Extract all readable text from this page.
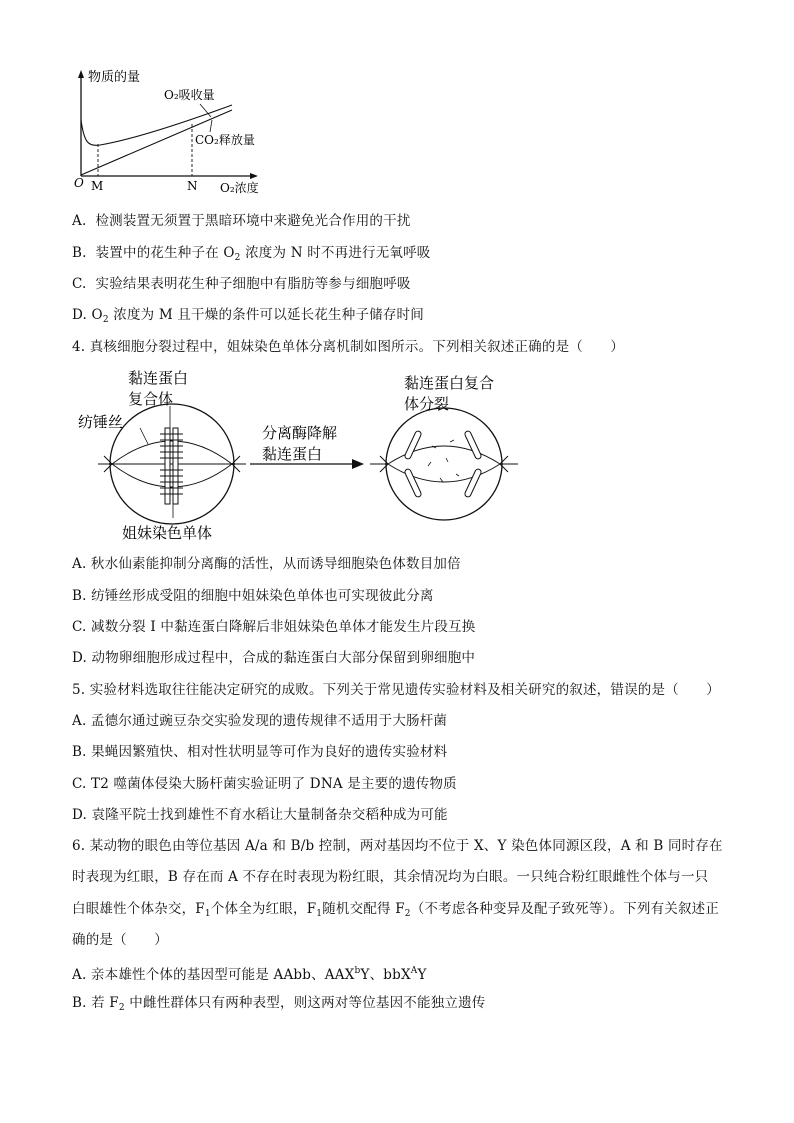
物质的量
O₂吸收量
CO₂释放量
O M	N O₂浓度
A. 检测装置无须置于黑暗环境中来避免光合作用的干扰
B. 装置中的花生种子在 $O_2$ 浓度为 N 时不再进行无氧呼吸
C. 实验结果表明花生种子细胞中有脂肪等参与细胞呼吸
D. $O_2$ 浓度为 M 且干燥的条件可以延长花生种子储存时间
4. 真核细胞分裂过程中，姐妹染色单体分离机制如图所示。下列相关叙述正确的是（　　）
黏连蛋白
复合体
纺锤丝
姐妹染色单体
分离酶降解
黏连蛋白
黏连蛋白复合
体分裂
A. 秋水仙素能抑制分离酶的活性，从而诱导细胞染色体数目加倍
B. 纺锤丝形成受阻的细胞中姐妹染色单体也可实现彼此分离
C. 减数分裂 I 中黏连蛋白降解后非姐妹染色单体才能发生片段互换
D. 动物卵细胞形成过程中，合成的黏连蛋白大部分保留到卵细胞中
5. 实验材料选取往往能决定研究的成败。下列关于常见遗传实验材料及相关研究的叙述，错误的是（　　）
A. 孟德尔通过豌豆杂交实验发现的遗传规律不适用于大肠杆菌
B. 果蝇因繁殖快、相对性状明显等可作为良好的遗传实验材料
C. T2 噬菌体侵染大肠杆菌实验证明了 DNA 是主要的遗传物质
D. 袁隆平院士找到雄性不育水稻让大量制备杂交稻种成为可能
6. 某动物的眼色由等位基因 A/a 和 B/b 控制，两对基因均不位于 X、Y 染色体同源区段，A 和 B 同时存在
时表现为红眼，B 存在而 A 不存在时表现为粉红眼，其余情况均为白眼。一只纯合粉红眼雌性个体与一只
白眼雄性个体杂交，$F_1$个体全为红眼，$F_1$随机交配得 $F_2$（不考虑各种变异及配子致死等）。下列有关叙述正
确的是（　　）
A. 亲本雄性个体的基因型可能是 AAbb、AAX$^b$Y、bbX$^A$Y
B. 若 $F_2$ 中雌性群体只有两种表型，则这两对等位基因不能独立遗传
